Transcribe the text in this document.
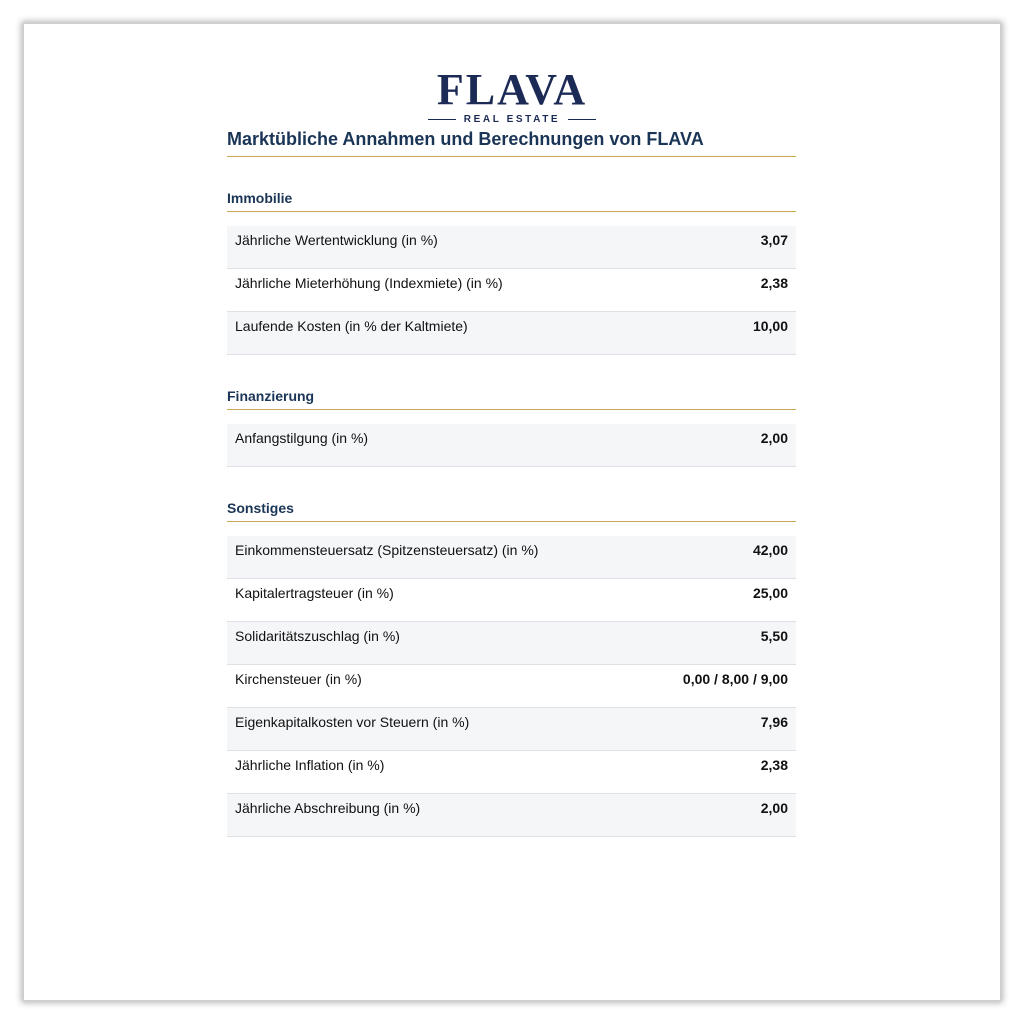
FLAVA
REAL ESTATE
Marktübliche Annahmen und Berechnungen von FLAVA
Immobilie
Jährliche Wertentwicklung (in %)	3,07
Jährliche Mieterhöhung (Indexmiete) (in %)	2,38
Laufende Kosten (in % der Kaltmiete)	10,00
Finanzierung
Anfangstilgung (in %)	2,00
Sonstiges
Einkommensteuersatz (Spitzensteuersatz) (in %)	42,00
Kapitalertragsteuer (in %)	25,00
Solidaritätszuschlag (in %)	5,50
Kirchensteuer (in %)	0,00 / 8,00 / 9,00
Eigenkapitalkosten vor Steuern (in %)	7,96
Jährliche Inflation (in %)	2,38
Jährliche Abschreibung (in %)	2,00
